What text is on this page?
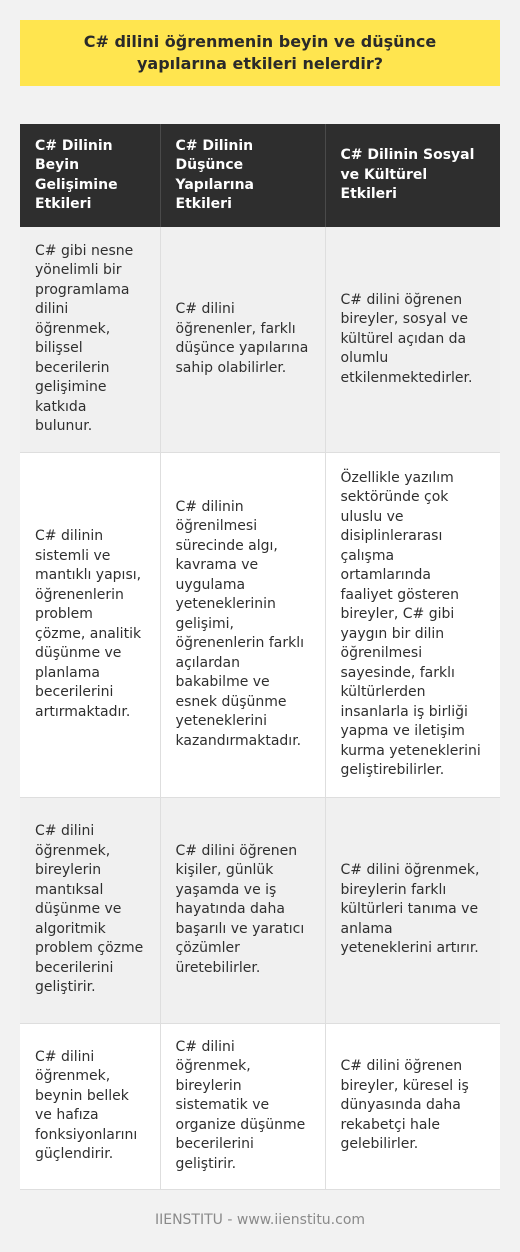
C# dilini öğrenmenin beyin ve düşünce yapılarına etkileri nelerdir?
C# Dilinin Beyin Gelişimine Etkileri	C# Dilinin Düşünce Yapılarına Etkileri	C# Dilinin Sosyal ve Kültürel Etkileri
C# gibi nesne yönelimli bir programlama dilini öğrenmek, bilişsel becerilerin gelişimine katkıda bulunur.	C# dilini öğrenenler, farklı düşünce yapılarına sahip olabilirler.	C# dilini öğrenen bireyler, sosyal ve kültürel açıdan da olumlu etkilenmektedirler.
C# dilinin sistemli ve mantıklı yapısı, öğrenenlerin problem çözme, analitik düşünme ve planlama becerilerini artırmaktadır.	C# dilinin öğrenilmesi sürecinde algı, kavrama ve uygulama yeteneklerinin gelişimi, öğrenenlerin farklı açılardan bakabilme ve esnek düşünme yeteneklerini kazandırmaktadır.	Özellikle yazılım sektöründe çok uluslu ve disiplinlerarası çalışma ortamlarında faaliyet gösteren bireyler, C# gibi yaygın bir dilin öğrenilmesi sayesinde, farklı kültürlerden insanlarla iş birliği yapma ve iletişim kurma yeteneklerini geliştirebilirler.
C# dilini öğrenmek, bireylerin mantıksal düşünme ve algoritmik problem çözme becerilerini geliştirir.	C# dilini öğrenen kişiler, günlük yaşamda ve iş hayatında daha başarılı ve yaratıcı çözümler üretebilirler.	C# dilini öğrenmek, bireylerin farklı kültürleri tanıma ve anlama yeteneklerini artırır.
C# dilini öğrenmek, beynin bellek ve hafıza fonksiyonlarını güçlendirir.	C# dilini öğrenmek, bireylerin sistematik ve organize düşünme becerilerini geliştirir.	C# dilini öğrenen bireyler, küresel iş dünyasında daha rekabetçi hale gelebilirler.
IIENSTITU - www.iienstitu.com
